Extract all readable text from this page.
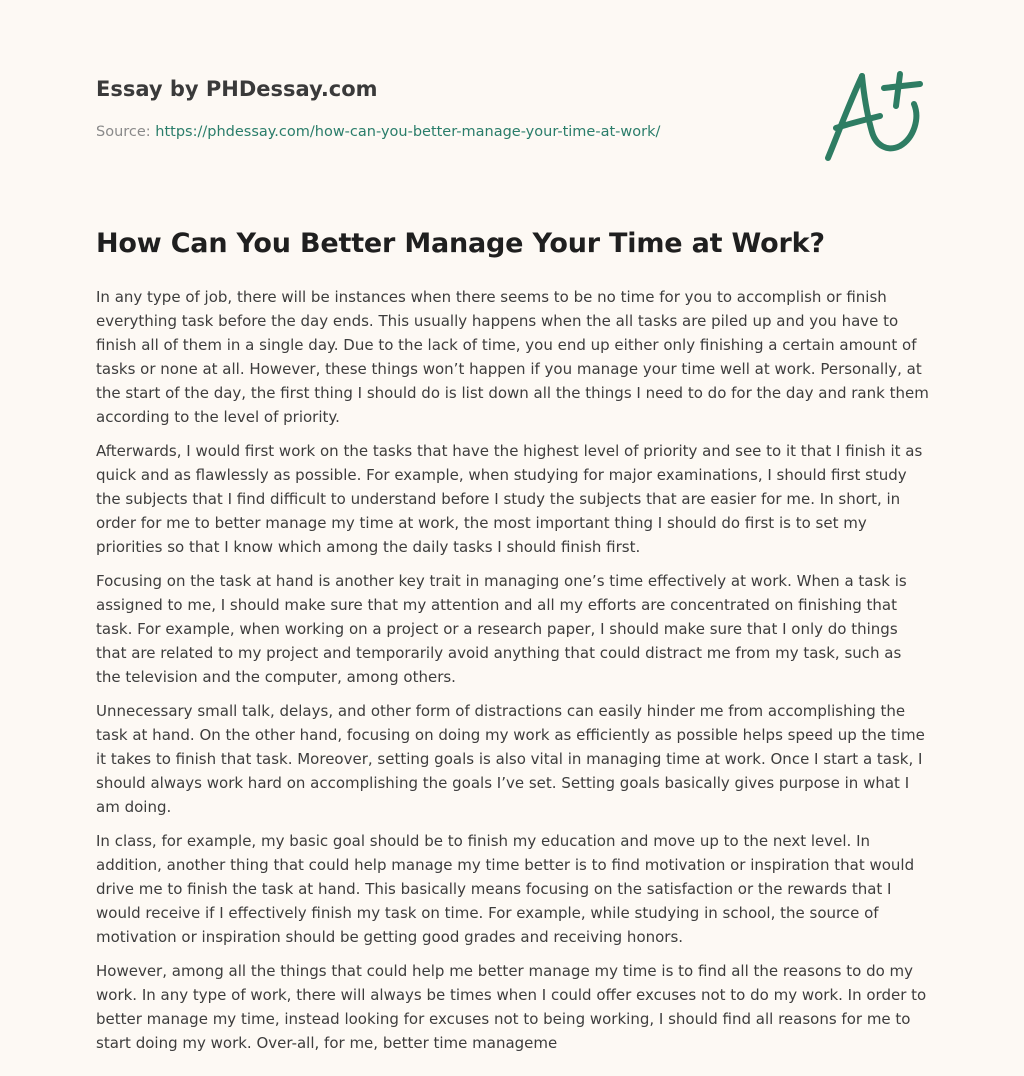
Essay by PHDessay.com
Source: https://phdessay.com/how-can-you-better-manage-your-time-at-work/
How Can You Better Manage Your Time at Work?

In any type of job, there will be instances when there seems to be no time for you to accomplish or finish everything task before the day ends. This usually happens when the all tasks are piled up and you have to finish all of them in a single day. Due to the lack of time, you end up either only finishing a certain amount of tasks or none at all. However, these things won’t happen if you manage your time well at work. Personally, at the start of the day, the first thing I should do is list down all the things I need to do for the day and rank them according to the level of priority.

Afterwards, I would first work on the tasks that have the highest level of priority and see to it that I finish it as quick and as flawlessly as possible. For example, when studying for major examinations, I should first study the subjects that I find difficult to understand before I study the subjects that are easier for me. In short, in order for me to better manage my time at work, the most important thing I should do first is to set my priorities so that I know which among the daily tasks I should finish first.

Focusing on the task at hand is another key trait in managing one’s time effectively at work. When a task is assigned to me, I should make sure that my attention and all my efforts are concentrated on finishing that task. For example, when working on a project or a research paper, I should make sure that I only do things that are related to my project and temporarily avoid anything that could distract me from my task, such as the television and the computer, among others.

Unnecessary small talk, delays, and other form of distractions can easily hinder me from accomplishing the task at hand. On the other hand, focusing on doing my work as efficiently as possible helps speed up the time it takes to finish that task. Moreover, setting goals is also vital in managing time at work. Once I start a task, I should always work hard on accomplishing the goals I’ve set. Setting goals basically gives purpose in what I am doing.

In class, for example, my basic goal should be to finish my education and move up to the next level. In addition, another thing that could help manage my time better is to find motivation or inspiration that would drive me to finish the task at hand. This basically means focusing on the satisfaction or the rewards that I would receive if I effectively finish my task on time. For example, while studying in school, the source of motivation or inspiration should be getting good grades and receiving honors.

However, among all the things that could help me better manage my time is to find all the reasons to do my work. In any type of work, there will always be times when I could offer excuses not to do my work. In order to better manage my time, instead looking for excuses not to being working, I should find all reasons for me to start doing my work. Over-all, for me, better time manageme
